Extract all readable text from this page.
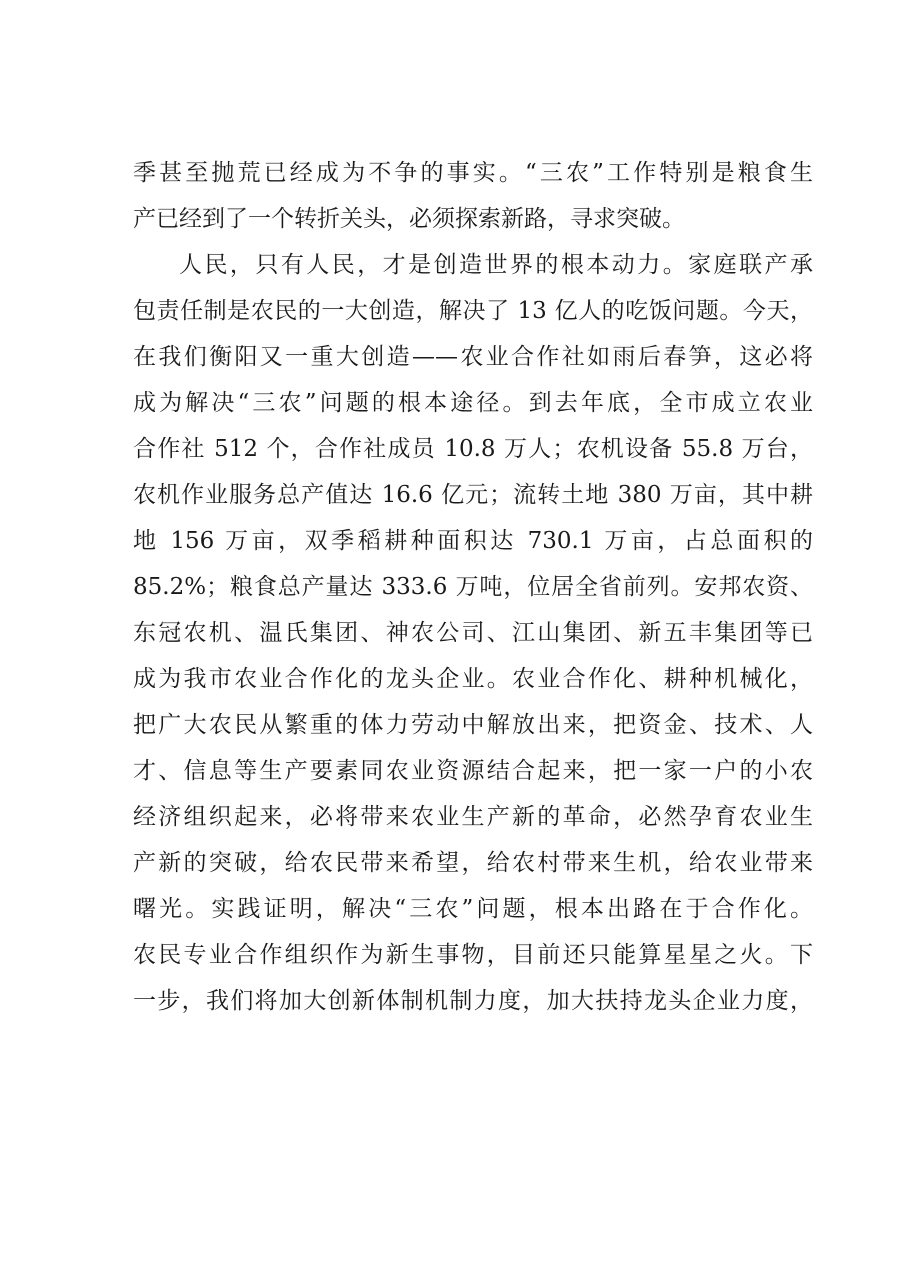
季甚至抛荒已经成为不争的事实。“三农”工作特别是粮食生
产已经到了一个转折关头，必须探索新路，寻求突破。
人民，只有人民，才是创造世界的根本动力。家庭联产承
包责任制是农民的一大创造，解决了 13 亿人的吃饭问题。今天，
在我们衡阳又一重大创造——农业合作社如雨后春笋，这必将
成为解决“三农”问题的根本途径。到去年底，全市成立农业
合作社 512 个，合作社成员 10.8 万人；农机设备 55.8 万台，
农机作业服务总产值达 16.6 亿元；流转土地 380 万亩，其中耕
地 156 万亩，双季稻耕种面积达 730.1 万亩，占总面积的
85.2%；粮食总产量达 333.6 万吨，位居全省前列。安邦农资、
东冠农机、温氏集团、神农公司、江山集团、新五丰集团等已
成为我市农业合作化的龙头企业。农业合作化、耕种机械化，
把广大农民从繁重的体力劳动中解放出来，把资金、技术、人
才、信息等生产要素同农业资源结合起来，把一家一户的小农
经济组织起来，必将带来农业生产新的革命，必然孕育农业生
产新的突破，给农民带来希望，给农村带来生机，给农业带来
曙光。实践证明，解决“三农”问题，根本出路在于合作化。
农民专业合作组织作为新生事物，目前还只能算星星之火。下
一步，我们将加大创新体制机制力度，加大扶持龙头企业力度，
